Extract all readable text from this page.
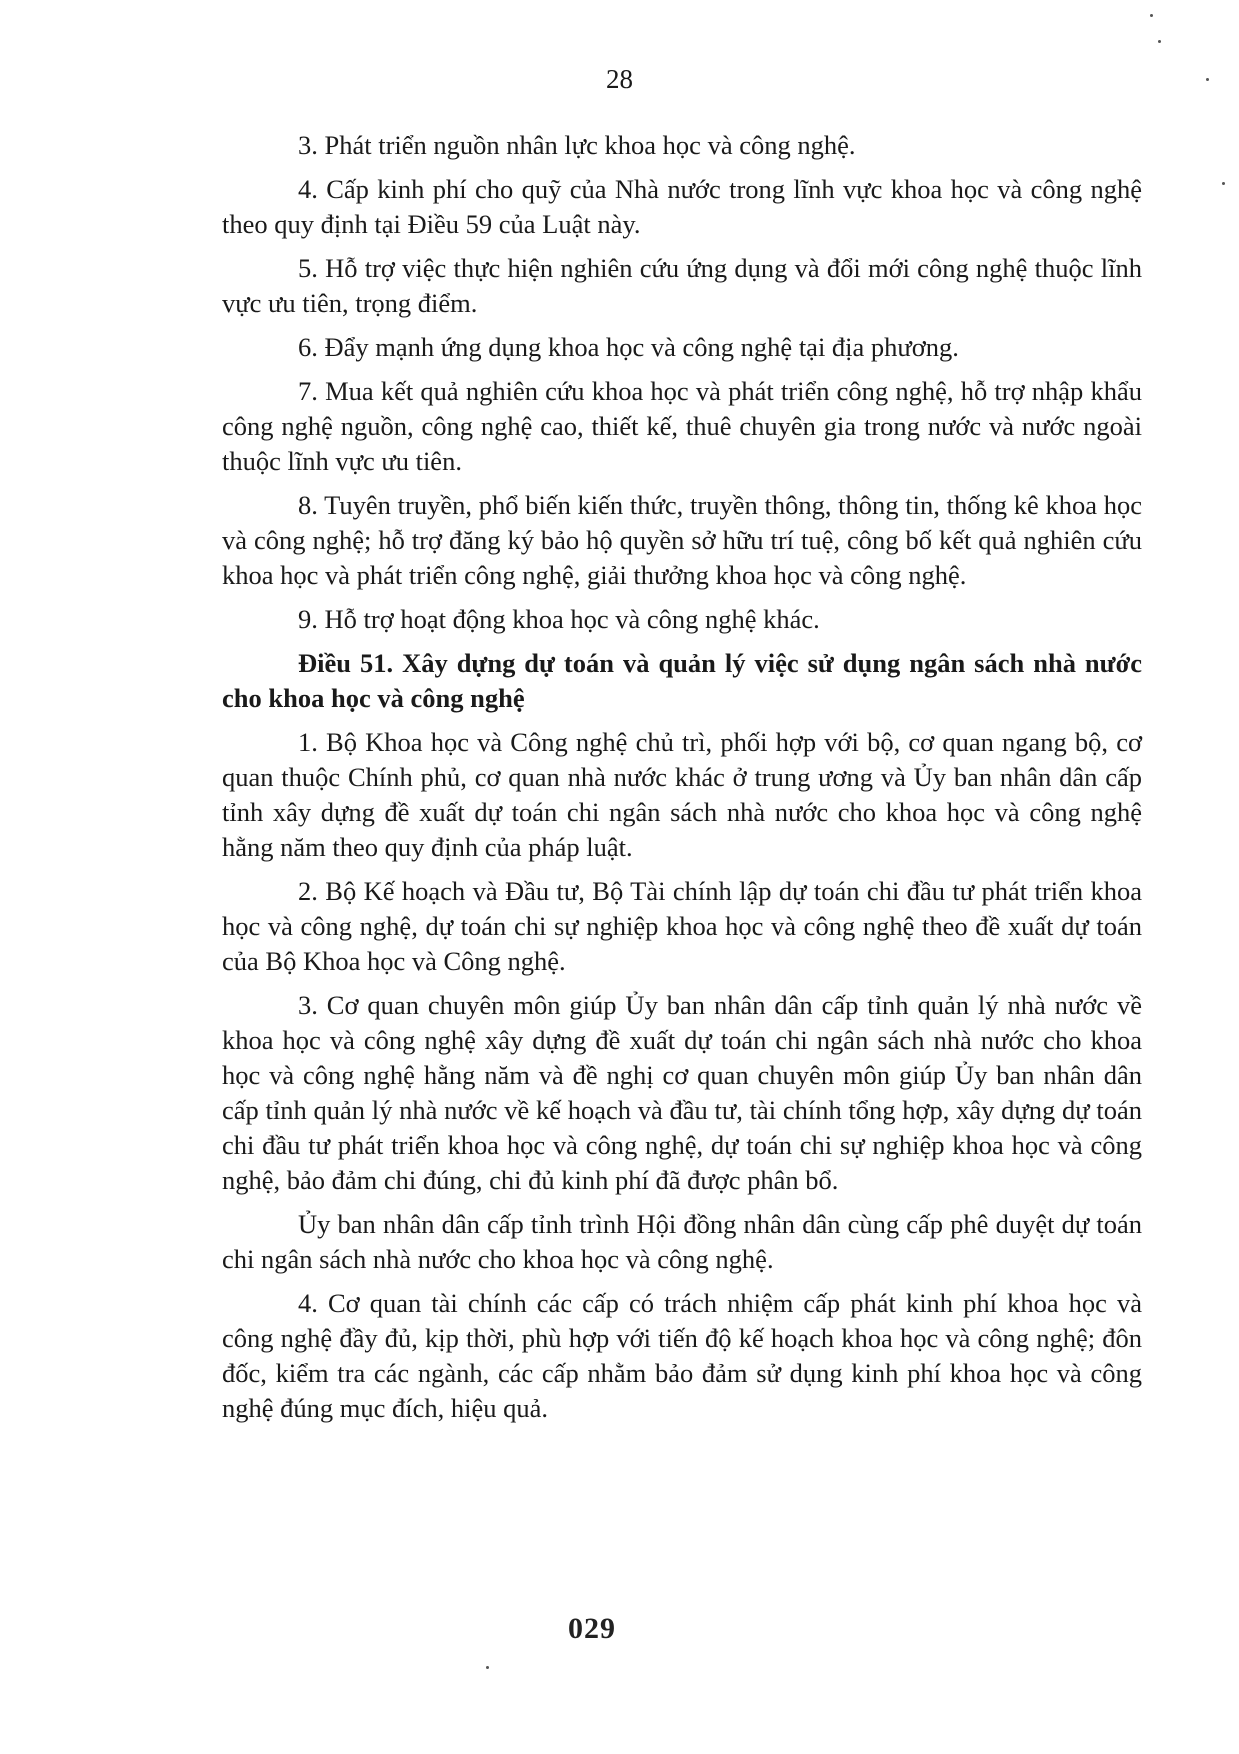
28

3. Phát triển nguồn nhân lực khoa học và công nghệ.

4. Cấp kinh phí cho quỹ của Nhà nước trong lĩnh vực khoa học và công nghệ theo quy định tại Điều 59 của Luật này.

5. Hỗ trợ việc thực hiện nghiên cứu ứng dụng và đổi mới công nghệ thuộc lĩnh vực ưu tiên, trọng điểm.

6. Đẩy mạnh ứng dụng khoa học và công nghệ tại địa phương.

7. Mua kết quả nghiên cứu khoa học và phát triển công nghệ, hỗ trợ nhập khẩu công nghệ nguồn, công nghệ cao, thiết kế, thuê chuyên gia trong nước và nước ngoài thuộc lĩnh vực ưu tiên.

8. Tuyên truyền, phổ biến kiến thức, truyền thông, thông tin, thống kê khoa học và công nghệ; hỗ trợ đăng ký bảo hộ quyền sở hữu trí tuệ, công bố kết quả nghiên cứu khoa học và phát triển công nghệ, giải thưởng khoa học và công nghệ.

9. Hỗ trợ hoạt động khoa học và công nghệ khác.

Điều 51. Xây dựng dự toán và quản lý việc sử dụng ngân sách nhà nước cho khoa học và công nghệ

1. Bộ Khoa học và Công nghệ chủ trì, phối hợp với bộ, cơ quan ngang bộ, cơ quan thuộc Chính phủ, cơ quan nhà nước khác ở trung ương và Ủy ban nhân dân cấp tỉnh xây dựng đề xuất dự toán chi ngân sách nhà nước cho khoa học và công nghệ hằng năm theo quy định của pháp luật.

2. Bộ Kế hoạch và Đầu tư, Bộ Tài chính lập dự toán chi đầu tư phát triển khoa học và công nghệ, dự toán chi sự nghiệp khoa học và công nghệ theo đề xuất dự toán của Bộ Khoa học và Công nghệ.

3. Cơ quan chuyên môn giúp Ủy ban nhân dân cấp tỉnh quản lý nhà nước về khoa học và công nghệ xây dựng đề xuất dự toán chi ngân sách nhà nước cho khoa học và công nghệ hằng năm và đề nghị cơ quan chuyên môn giúp Ủy ban nhân dân cấp tỉnh quản lý nhà nước về kế hoạch và đầu tư, tài chính tổng hợp, xây dựng dự toán chi đầu tư phát triển khoa học và công nghệ, dự toán chi sự nghiệp khoa học và công nghệ, bảo đảm chi đúng, chi đủ kinh phí đã được phân bổ.

Ủy ban nhân dân cấp tỉnh trình Hội đồng nhân dân cùng cấp phê duyệt dự toán chi ngân sách nhà nước cho khoa học và công nghệ.

4. Cơ quan tài chính các cấp có trách nhiệm cấp phát kinh phí khoa học và công nghệ đầy đủ, kịp thời, phù hợp với tiến độ kế hoạch khoa học và công nghệ; đôn đốc, kiểm tra các ngành, các cấp nhằm bảo đảm sử dụng kinh phí khoa học và công nghệ đúng mục đích, hiệu quả.

029
